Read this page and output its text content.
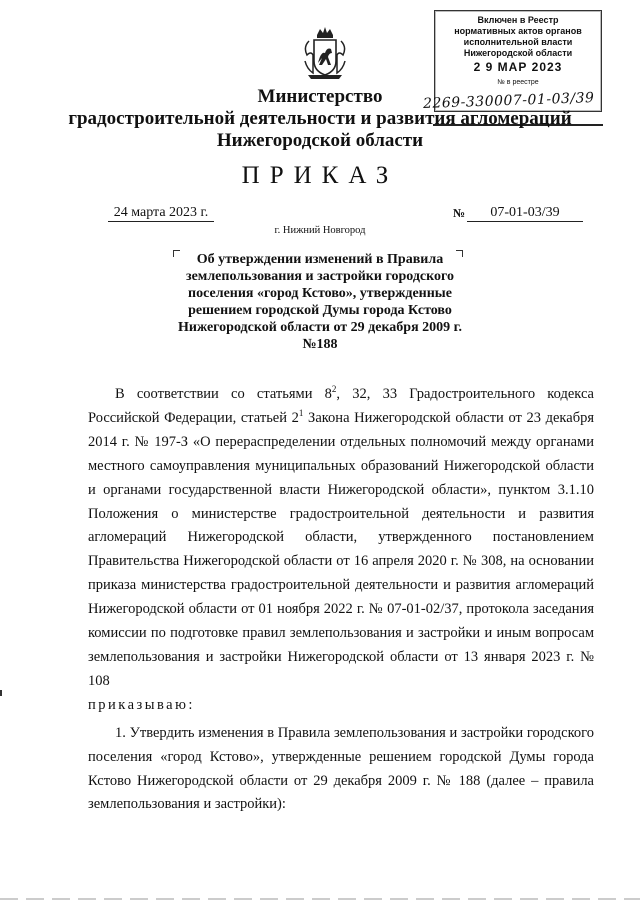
Включен в Реестр
нормативных актов органов
исполнительной власти
Нижегородской области
2 9 МАР 2023
№ в реестре
2269-330007-01-03/39
Министерство
градостроительной деятельности и развития агломераций
Нижегородской области
ПРИКАЗ
24 марта 2023 г.	№	07-01-03/39
г. Нижний Новгород
Об утверждении изменений в Правила землепользования и застройки городского поселения «город Кстово», утвержденные решением городской Думы города Кстово Нижегородской области от 29 декабря 2009 г. №188

В соответствии со статьями $8^2$, 32, 33 Градостроительного кодекса Российской Федерации, статьей $2^1$ Закона Нижегородской области от 23 декабря 2014 г. № 197-З «О перераспределении отдельных полномочий между органами местного самоуправления муниципальных образований Нижегородской области и органами государственной власти Нижегородской области», пунктом 3.1.10 Положения о министерстве градостроительной деятельности и развития агломераций Нижегородской области, утвержденного постановлением Правительства Нижегородской области от 16 апреля 2020 г. № 308, на основании приказа министерства градостроительной деятельности и развития агломераций Нижегородской области от 01 ноября 2022 г. № 07-01-02/37, протокола заседания комиссии по подготовке правил землепользования и застройки и иным вопросам землепользования и застройки Нижегородской области от 13 января 2023 г. № 108

приказываю:

1. Утвердить изменения в Правила землепользования и застройки городского поселения «город Кстово», утвержденные решением городской Думы города Кстово Нижегородской области от 29 декабря 2009 г. № 188 (далее – правила землепользования и застройки):
